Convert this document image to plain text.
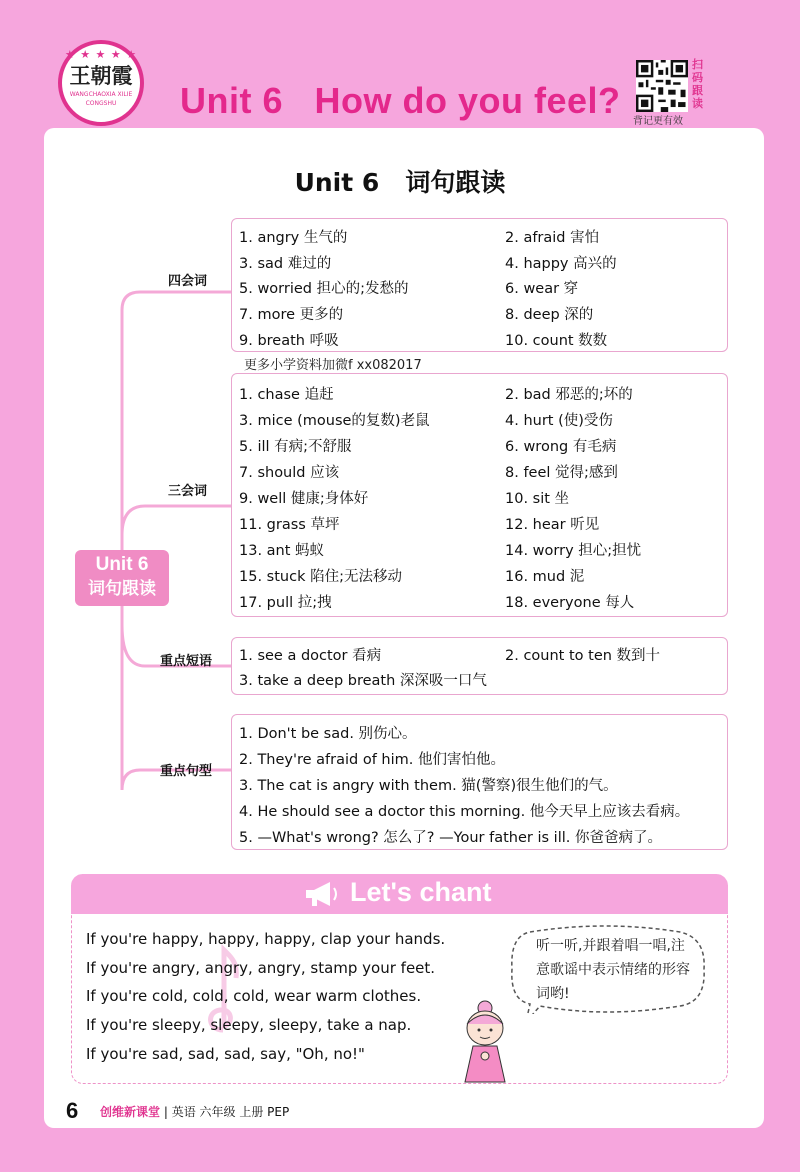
★ ★ ★ ★ ★
王朝霞
WANGCHAOXIA XILIE CONGSHU	Unit 6   How do you feel?
扫码跟读
背记更有效
Unit 6   词句跟读
四会词
三会词
重点短语
重点句型
Unit 6
词句跟读
1. angry 生气的	2. afraid 害怕
3. sad 难过的	4. happy 高兴的
5. worried 担心的;发愁的	6. wear 穿
7. more 更多的	8. deep 深的
9. breath 呼吸	10. count 数数
更多小学资料加微f xx082017
1. chase 追赶	2. bad 邪恶的;坏的
3. mice (mouse的复数)老鼠	4. hurt (使)受伤
5. ill 有病;不舒服	6. wrong 有毛病
7. should 应该	8. feel 觉得;感到
9. well 健康;身体好	10. sit 坐
11. grass 草坪	12. hear 听见
13. ant 蚂蚁	14. worry 担心;担忧
15. stuck 陷住;无法移动	16. mud 泥
17. pull 拉;拽	18. everyone 每人
1. see a doctor 看病	2. count to ten 数到十
3. take a deep breath 深深吸一口气
1. Don't be sad. 别伤心。
2. They're afraid of him. 他们害怕他。
3. The cat is angry with them. 猫(警察)很生他们的气。
4. He should see a doctor this morning. 他今天早上应该去看病。
5. —What's wrong? 怎么了? —Your father is ill. 你爸爸病了。
Let's chant
If you're happy, happy, happy, clap your hands.
If you're angry, angry, angry, stamp your feet.
If you're cold, cold, cold, wear warm clothes.
If you're sleepy, sleepy, sleepy, take a nap.
If you're sad, sad, sad, say, "Oh, no!"
听一听,并跟着唱一唱,注意歌谣中表示情绪的形容词哟!
6 创维新课堂 | 英语 六年级 上册 PEP
